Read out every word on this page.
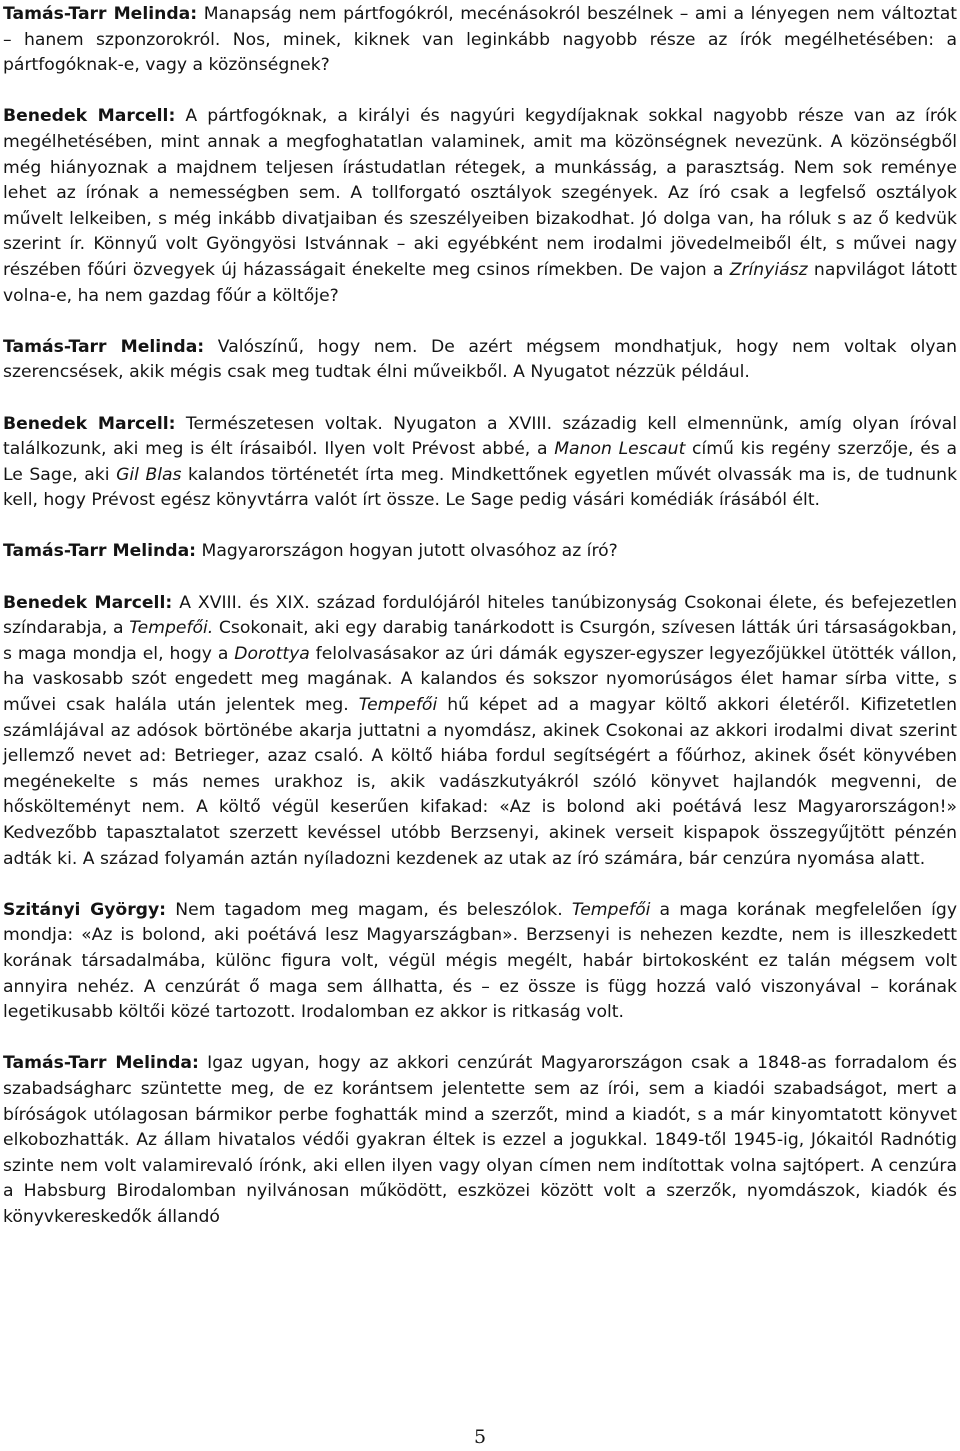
Tamás-Tarr Melinda: Manapság nem pártfogókról, mecénásokról beszélnek – ami a lényegen nem változtat – hanem szponzorokról. Nos, minek, kiknek van leginkább nagyobb része az írók megélhetésében: a pártfogóknak-e, vagy a közönségnek?

Benedek Marcell: A pártfogóknak, a királyi és nagyúri kegydíjaknak sokkal nagyobb része van az írók megélhetésében, mint annak a megfoghatatlan valaminek, amit ma közönségnek nevezünk. A közönségből még hiányoznak a majdnem teljesen írástudatlan rétegek, a munkásság, a parasztság. Nem sok reménye lehet az írónak a nemességben sem. A tollforgató osztályok szegények. Az író csak a legfelső osztályok művelt lelkeiben, s még inkább divatjaiban és szeszélyeiben bizakodhat. Jó dolga van, ha róluk s az ő kedvük szerint ír. Könnyű volt Gyöngyösi Istvánnak – aki egyébként nem irodalmi jövedelmeiből élt, s művei nagy részében főúri özvegyek új házasságait énekelte meg csinos rímekben. De vajon a Zrínyiász napvilágot látott volna-e, ha nem gazdag főúr a költője?

Tamás-Tarr Melinda: Valószínű, hogy nem. De azért mégsem mondhatjuk, hogy nem voltak olyan szerencsések, akik mégis csak meg tudtak élni műveikből. A Nyugatot nézzük például.

Benedek Marcell: Természetesen voltak. Nyugaton a XVIII. századig kell elmennünk, amíg olyan íróval találkozunk, aki meg is élt írásaiból. Ilyen volt Prévost abbé, a Manon Lescaut című kis regény szerzője, és a Le Sage, aki Gil Blas kalandos történetét írta meg. Mindkettőnek egyetlen művét olvassák ma is, de tudnunk kell, hogy Prévost egész könyvtárra valót írt össze. Le Sage pedig vásári komédiák írásából élt.

Tamás-Tarr Melinda: Magyarországon hogyan jutott olvasóhoz az író?

Benedek Marcell: A XVIII. és XIX. század fordulójáról hiteles tanúbizonyság Csokonai élete, és befejezetlen színdarabja, a Tempefői. Csokonait, aki egy darabig tanárkodott is Csurgón, szívesen látták úri társaságokban, s maga mondja el, hogy a Dorottya felolvasásakor az úri dámák egyszer-egyszer legyezőjükkel ütötték vállon, ha vaskosabb szót engedett meg magának. A kalandos és sokszor nyomorúságos élet hamar sírba vitte, s művei csak halála után jelentek meg. Tempefői hű képet ad a magyar költő akkori életéről. Kifizetetlen számlájával az adósok börtönébe akarja juttatni a nyomdász, akinek Csokonai az akkori irodalmi divat szerint jellemző nevet ad: Betrieger, azaz csaló. A költő hiába fordul segítségért a főúrhoz, akinek ősét könyvében megénekelte s más nemes urakhoz is, akik vadászkutyákról szóló könyvet hajlandók megvenni, de hőskölteményt nem. A költő végül keserűen kifakad: «Az is bolond aki poétává lesz Magyarországon!» Kedvezőbb tapasztalatot szerzett kevéssel utóbb Berzsenyi, akinek verseit kispapok összegyűjtött pénzén adták ki. A század folyamán aztán nyíladozni kezdenek az utak az író számára, bár cenzúra nyomása alatt.

Szitányi György: Nem tagadom meg magam, és beleszólok. Tempefői a maga korának megfelelően így mondja: «Az is bolond, aki poétává lesz Magyarszágban». Berzsenyi is nehezen kezdte, nem is illeszkedett korának társadalmába, különc figura volt, végül mégis megélt, habár birtokosként ez talán mégsem volt annyira nehéz. A cenzúrát ő maga sem állhatta, és – ez össze is függ hozzá való viszonyával – korának legetikusabb költői közé tartozott. Irodalomban ez akkor is ritkaság volt.

Tamás-Tarr Melinda: Igaz ugyan, hogy az akkori cenzúrát Magyarországon csak a 1848-as forradalom és szabadságharc szüntette meg, de ez korántsem jelentette sem az írói, sem a kiadói szabadságot, mert a bíróságok utólagosan bármikor perbe foghatták mind a szerzőt, mind a kiadót, s a már kinyomtatott könyvet elkobozhatták. Az állam hivatalos védői gyakran éltek is ezzel a jogukkal. 1849-től 1945-ig, Jókaitól Radnótig szinte nem volt valamirevaló írónk, aki ellen ilyen vagy olyan címen nem indítottak volna sajtópert. A cenzúra a Habsburg Birodalomban nyilvánosan működött, eszközei között volt a szerzők, nyomdászok, kiadók és könyvkereskedők állandó

5
